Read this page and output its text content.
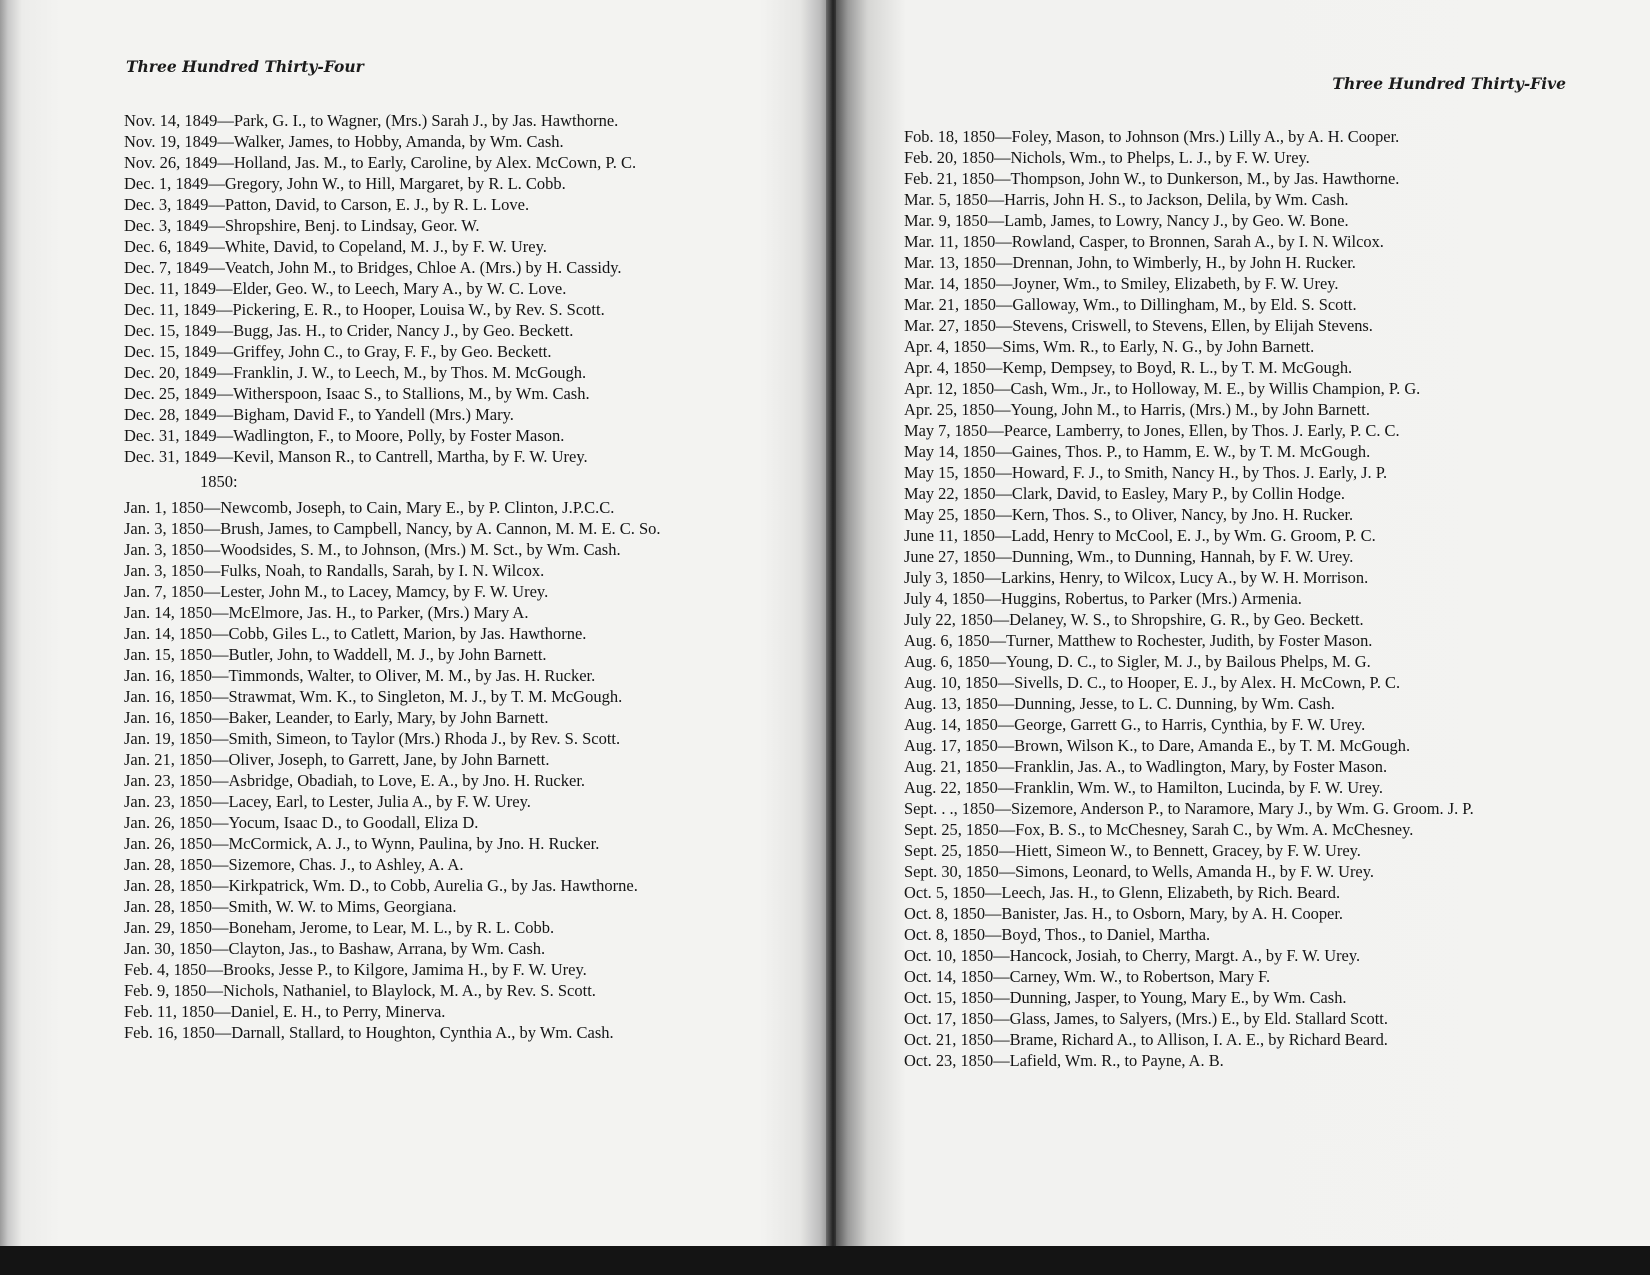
Three Hundred Thirty-Four
Nov. 14, 1849—Park, G. I., to Wagner, (Mrs.) Sarah J., by Jas. Hawthorne.
Nov. 19, 1849—Walker, James, to Hobby, Amanda, by Wm. Cash.
Nov. 26, 1849—Holland, Jas. M., to Early, Caroline, by Alex. McCown, P. C.
Dec. 1, 1849—Gregory, John W., to Hill, Margaret, by R. L. Cobb.
Dec. 3, 1849—Patton, David, to Carson, E. J., by R. L. Love.
Dec. 3, 1849—Shropshire, Benj. to Lindsay, Geor. W.
Dec. 6, 1849—White, David, to Copeland, M. J., by F. W. Urey.
Dec. 7, 1849—Veatch, John M., to Bridges, Chloe A. (Mrs.) by H. Cassidy.
Dec. 11, 1849—Elder, Geo. W., to Leech, Mary A., by W. C. Love.
Dec. 11, 1849—Pickering, E. R., to Hooper, Louisa W., by Rev. S. Scott.
Dec. 15, 1849—Bugg, Jas. H., to Crider, Nancy J., by Geo. Beckett.
Dec. 15, 1849—Griffey, John C., to Gray, F. F., by Geo. Beckett.
Dec. 20, 1849—Franklin, J. W., to Leech, M., by Thos. M. McGough.
Dec. 25, 1849—Witherspoon, Isaac S., to Stallions, M., by Wm. Cash.
Dec. 28, 1849—Bigham, David F., to Yandell (Mrs.) Mary.
Dec. 31, 1849—Wadlington, F., to Moore, Polly, by Foster Mason.
Dec. 31, 1849—Kevil, Manson R., to Cantrell, Martha, by F. W. Urey.
1850:
Jan. 1, 1850—Newcomb, Joseph, to Cain, Mary E., by P. Clinton, J.P.C.C.
Jan. 3, 1850—Brush, James, to Campbell, Nancy, by A. Cannon, M. M. E. C. So.
Jan. 3, 1850—Woodsides, S. M., to Johnson, (Mrs.) M. Sct., by Wm. Cash.
Jan. 3, 1850—Fulks, Noah, to Randalls, Sarah, by I. N. Wilcox.
Jan. 7, 1850—Lester, John M., to Lacey, Mamcy, by F. W. Urey.
Jan. 14, 1850—McElmore, Jas. H., to Parker, (Mrs.) Mary A.
Jan. 14, 1850—Cobb, Giles L., to Catlett, Marion, by Jas. Hawthorne.
Jan. 15, 1850—Butler, John, to Waddell, M. J., by John Barnett.
Jan. 16, 1850—Timmonds, Walter, to Oliver, M. M., by Jas. H. Rucker.
Jan. 16, 1850—Strawmat, Wm. K., to Singleton, M. J., by T. M. McGough.
Jan. 16, 1850—Baker, Leander, to Early, Mary, by John Barnett.
Jan. 19, 1850—Smith, Simeon, to Taylor (Mrs.) Rhoda J., by Rev. S. Scott.
Jan. 21, 1850—Oliver, Joseph, to Garrett, Jane, by John Barnett.
Jan. 23, 1850—Asbridge, Obadiah, to Love, E. A., by Jno. H. Rucker.
Jan. 23, 1850—Lacey, Earl, to Lester, Julia A., by F. W. Urey.
Jan. 26, 1850—Yocum, Isaac D., to Goodall, Eliza D.
Jan. 26, 1850—McCormick, A. J., to Wynn, Paulina, by Jno. H. Rucker.
Jan. 28, 1850—Sizemore, Chas. J., to Ashley, A. A.
Jan. 28, 1850—Kirkpatrick, Wm. D., to Cobb, Aurelia G., by Jas. Hawthorne.
Jan. 28, 1850—Smith, W. W. to Mims, Georgiana.
Jan. 29, 1850—Boneham, Jerome, to Lear, M. L., by R. L. Cobb.
Jan. 30, 1850—Clayton, Jas., to Bashaw, Arrana, by Wm. Cash.
Feb. 4, 1850—Brooks, Jesse P., to Kilgore, Jamima H., by F. W. Urey.
Feb. 9, 1850—Nichols, Nathaniel, to Blaylock, M. A., by Rev. S. Scott.
Feb. 11, 1850—Daniel, E. H., to Perry, Minerva.
Feb. 16, 1850—Darnall, Stallard, to Houghton, Cynthia A., by Wm. Cash.
Three Hundred Thirty-Five
Fob. 18, 1850—Foley, Mason, to Johnson (Mrs.) Lilly A., by A. H. Cooper.
Feb. 20, 1850—Nichols, Wm., to Phelps, L. J., by F. W. Urey.
Feb. 21, 1850—Thompson, John W., to Dunkerson, M., by Jas. Hawthorne.
Mar. 5, 1850—Harris, John H. S., to Jackson, Delila, by Wm. Cash.
Mar. 9, 1850—Lamb, James, to Lowry, Nancy J., by Geo. W. Bone.
Mar. 11, 1850—Rowland, Casper, to Bronnen, Sarah A., by I. N. Wilcox.
Mar. 13, 1850—Drennan, John, to Wimberly, H., by John H. Rucker.
Mar. 14, 1850—Joyner, Wm., to Smiley, Elizabeth, by F. W. Urey.
Mar. 21, 1850—Galloway, Wm., to Dillingham, M., by Eld. S. Scott.
Mar. 27, 1850—Stevens, Criswell, to Stevens, Ellen, by Elijah Stevens.
Apr. 4, 1850—Sims, Wm. R., to Early, N. G., by John Barnett.
Apr. 4, 1850—Kemp, Dempsey, to Boyd, R. L., by T. M. McGough.
Apr. 12, 1850—Cash, Wm., Jr., to Holloway, M. E., by Willis Champion, P. G.
Apr. 25, 1850—Young, John M., to Harris, (Mrs.) M., by John Barnett.
May 7, 1850—Pearce, Lamberry, to Jones, Ellen, by Thos. J. Early, P. C. C.
May 14, 1850—Gaines, Thos. P., to Hamm, E. W., by T. M. McGough.
May 15, 1850—Howard, F. J., to Smith, Nancy H., by Thos. J. Early, J. P.
May 22, 1850—Clark, David, to Easley, Mary P., by Collin Hodge.
May 25, 1850—Kern, Thos. S., to Oliver, Nancy, by Jno. H. Rucker.
June 11, 1850—Ladd, Henry to McCool, E. J., by Wm. G. Groom, P. C.
June 27, 1850—Dunning, Wm., to Dunning, Hannah, by F. W. Urey.
July 3, 1850—Larkins, Henry, to Wilcox, Lucy A., by W. H. Morrison.
July 4, 1850—Huggins, Robertus, to Parker (Mrs.) Armenia.
July 22, 1850—Delaney, W. S., to Shropshire, G. R., by Geo. Beckett.
Aug. 6, 1850—Turner, Matthew to Rochester, Judith, by Foster Mason.
Aug. 6, 1850—Young, D. C., to Sigler, M. J., by Bailous Phelps, M. G.
Aug. 10, 1850—Sivells, D. C., to Hooper, E. J., by Alex. H. McCown, P. C.
Aug. 13, 1850—Dunning, Jesse, to L. C. Dunning, by Wm. Cash.
Aug. 14, 1850—George, Garrett G., to Harris, Cynthia, by F. W. Urey.
Aug. 17, 1850—Brown, Wilson K., to Dare, Amanda E., by T. M. McGough.
Aug. 21, 1850—Franklin, Jas. A., to Wadlington, Mary, by Foster Mason.
Aug. 22, 1850—Franklin, Wm. W., to Hamilton, Lucinda, by F. W. Urey.
Sept. . ., 1850—Sizemore, Anderson P., to Naramore, Mary J., by Wm. G. Groom. J. P.
Sept. 25, 1850—Fox, B. S., to McChesney, Sarah C., by Wm. A. McChesney.
Sept. 25, 1850—Hiett, Simeon W., to Bennett, Gracey, by F. W. Urey.
Sept. 30, 1850—Simons, Leonard, to Wells, Amanda H., by F. W. Urey.
Oct. 5, 1850—Leech, Jas. H., to Glenn, Elizabeth, by Rich. Beard.
Oct. 8, 1850—Banister, Jas. H., to Osborn, Mary, by A. H. Cooper.
Oct. 8, 1850—Boyd, Thos., to Daniel, Martha.
Oct. 10, 1850—Hancock, Josiah, to Cherry, Margt. A., by F. W. Urey.
Oct. 14, 1850—Carney, Wm. W., to Robertson, Mary F.
Oct. 15, 1850—Dunning, Jasper, to Young, Mary E., by Wm. Cash.
Oct. 17, 1850—Glass, James, to Salyers, (Mrs.) E., by Eld. Stallard Scott.
Oct. 21, 1850—Brame, Richard A., to Allison, I. A. E., by Richard Beard.
Oct. 23, 1850—Lafield, Wm. R., to Payne, A. B.
